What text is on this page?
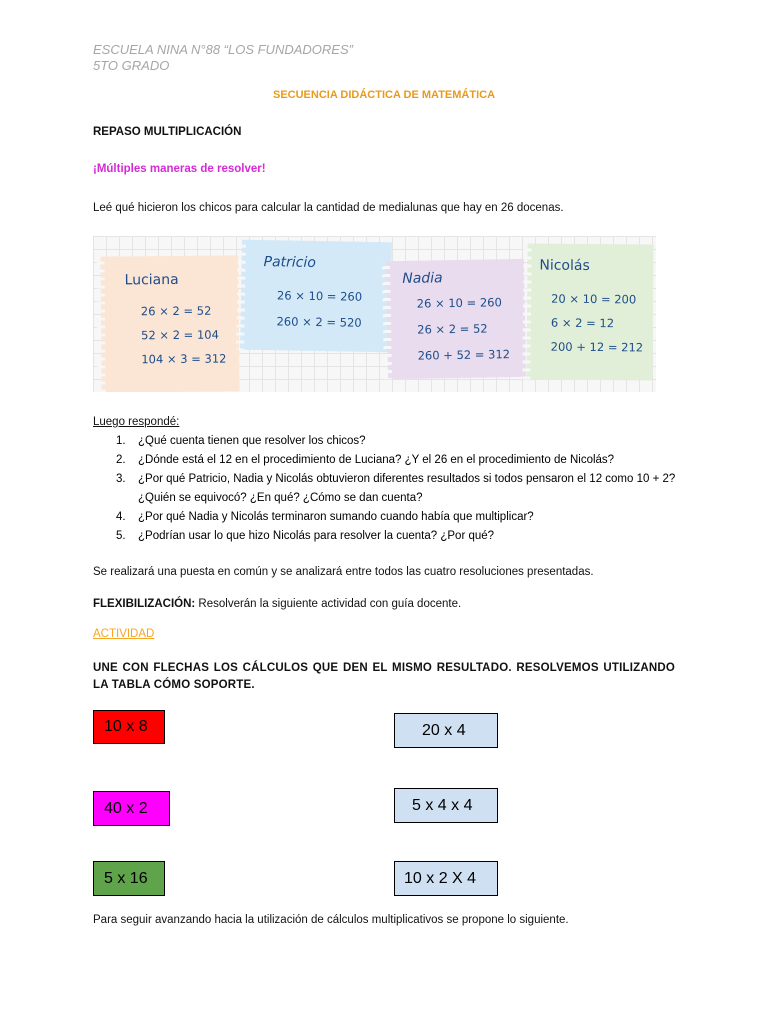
ESCUELA NINA N°88 “LOS FUNDADORES”
5TO GRADO
SECUENCIA DIDÁCTICA DE MATEMÁTICA
REPASO MULTIPLICACIÓN
¡Múltiples maneras de resolver!
Leé qué hicieron los chicos para calcular la cantidad de medialunas que hay en 26 docenas.
Luciana
26 × 2 = 52
52 × 2 = 104
104 × 3 = 312
Patricio
26 × 10 = 260
260 × 2 = 520
Nadia
26 × 10 = 260
26 × 2 = 52
260 + 52 = 312
Nicolás
20 × 10 = 200
6 × 2 = 12
200 + 12 = 212
Luego respondé:
1. ¿Qué cuenta tienen que resolver los chicos?
2. ¿Dónde está el 12 en el procedimiento de Luciana? ¿Y el 26 en el procedimiento de Nicolás?
3. ¿Por qué Patricio, Nadia y Nicolás obtuvieron diferentes resultados si todos pensaron el 12 como 10 + 2? ¿Quién se equivocó? ¿En qué? ¿Cómo se dan cuenta?
4. ¿Por qué Nadia y Nicolás terminaron sumando cuando había que multiplicar?
5. ¿Podrían usar lo que hizo Nicolás para resolver la cuenta? ¿Por qué?
Se realizará una puesta en común y se analizará entre todos las cuatro resoluciones presentadas.
FLEXIBILIZACIÓN: Resolverán la siguiente actividad con guía docente.
ACTIVIDAD
UNE CON FLECHAS LOS CÁLCULOS QUE DEN EL MISMO RESULTADO. RESOLVEMOS UTILIZANDO LA TABLA CÓMO SOPORTE.
10 x 8
40 x 2
5 x 16
20 x 4
5 x 4 x 4
10 x 2 X 4
Para seguir avanzando hacia la utilización de cálculos multiplicativos se propone lo siguiente.
